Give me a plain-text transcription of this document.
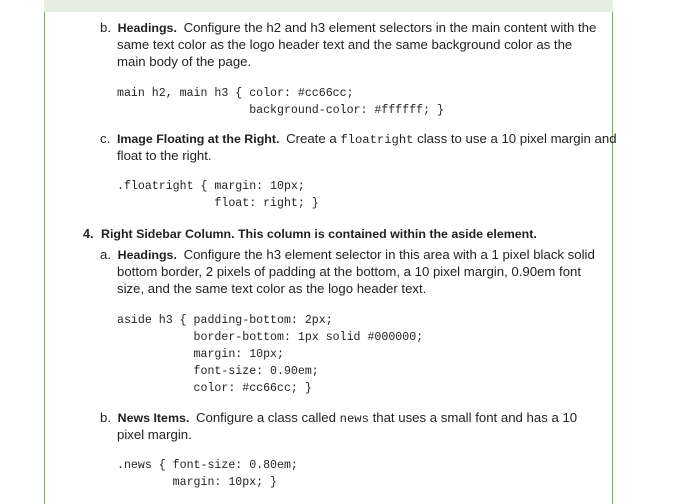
b. Headings. Configure the h2 and h3 element selectors in the main content with the
same text color as the logo header text and the same background color as the
main body of the page.
main h2, main h3 { color: #cc66cc;
background-color: #ffffff; }
c. Image Floating at the Right. Create a floatright class to use a 10 pixel margin and
float to the right.
.floatright { margin: 10px;
float: right; }
4. Right Sidebar Column. This column is contained within the aside element.
a. Headings. Configure the h3 element selector in this area with a 1 pixel black solid
bottom border, 2 pixels of padding at the bottom, a 10 pixel margin, 0.90em font
size, and the same text color as the logo header text.
aside h3 { padding-bottom: 2px;
border-bottom: 1px solid #000000;
margin: 10px;
font-size: 0.90em;
color: #cc66cc; }
b. News Items. Configure a class called news that uses a small font and has a 10
pixel margin.
.news { font-size: 0.80em;
margin: 10px; }
